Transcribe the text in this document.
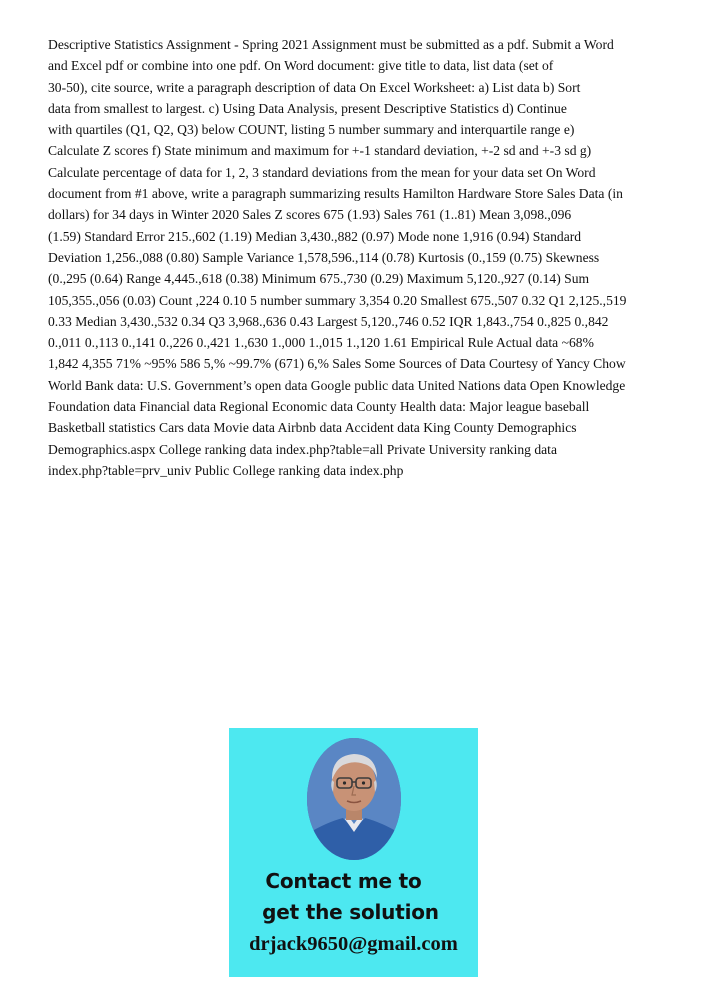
Descriptive Statistics Assignment - Spring 2021 Assignment must be submitted as a pdf. Submit a Word
and Excel pdf or combine into one pdf. On Word document: give title to data, list data (set of
30-50), cite source, write a paragraph description of data On Excel Worksheet: a) List data b) Sort
data from smallest to largest. c) Using Data Analysis, present Descriptive Statistics d) Continue
with quartiles (Q1, Q2, Q3) below COUNT, listing 5 number summary and interquartile range e)
Calculate Z scores f) State minimum and maximum for +-1 standard deviation, +-2 sd and +-3 sd g)
Calculate percentage of data for 1, 2, 3 standard deviations from the mean for your data set On Word
document from #1 above, write a paragraph summarizing results Hamilton Hardware Store Sales Data (in
dollars) for 34 days in Winter 2020 Sales Z scores 675 (1.93) Sales 761 (1..81) Mean 3,098.,096
(1.59) Standard Error 215.,602 (1.19) Median 3,430.,882 (0.97) Mode none 1,916 (0.94) Standard
Deviation 1,256.,088 (0.80) Sample Variance 1,578,596.,114 (0.78) Kurtosis (0.,159 (0.75) Skewness
(0.,295 (0.64) Range 4,445.,618 (0.38) Minimum 675.,730 (0.29) Maximum 5,120.,927 (0.14) Sum
105,355.,056 (0.03) Count ,224 0.10 5 number summary 3,354 0.20 Smallest 675.,507 0.32 Q1 2,125.,519
0.33 Median 3,430.,532 0.34 Q3 3,968.,636 0.43 Largest 5,120.,746 0.52 IQR 1,843.,754 0.,825 0.,842
0.,011 0.,113 0.,141 0.,226 0.,421 1.,630 1.,000 1.,015 1.,120 1.61 Empirical Rule Actual data ~68%
1,842 4,355 71% ~95% 586 5,% ~99.7% (671) 6,% Sales Some Sources of Data Courtesy of Yancy Chow
World Bank data: U.S. Government’s open data Google public data United Nations data Open Knowledge
Foundation data Financial data Regional Economic data County Health data: Major league baseball
Basketball statistics Cars data Movie data Airbnb data Accident data King County Demographics
Demographics.aspx College ranking data index.php?table=all Private University ranking data
index.php?table=prv_univ Public College ranking data index.php
Contact me to
get the solution
drjack9650@gmail.com
